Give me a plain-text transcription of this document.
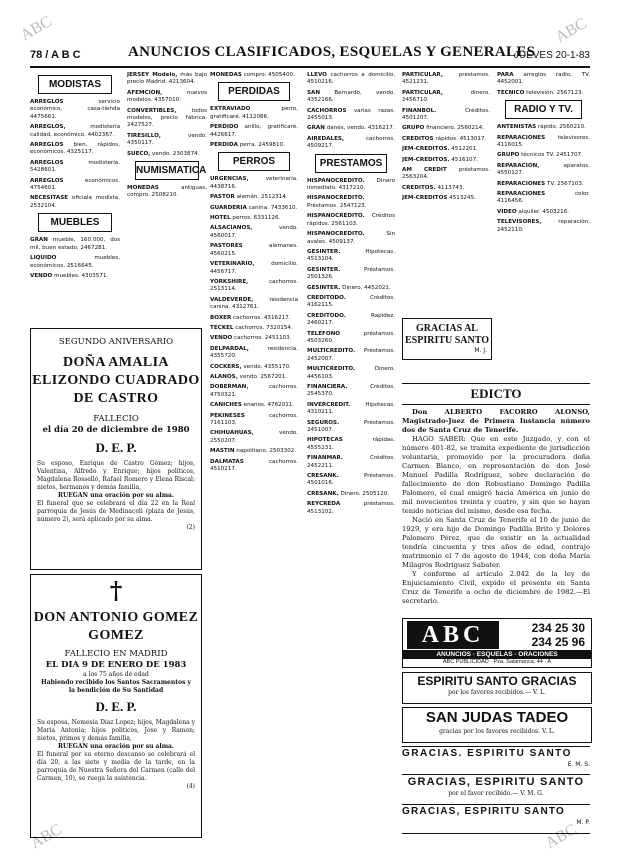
78 / A B C	ANUNCIOS CLASIFICADOS, ESQUELAS Y GENERALES
JUEVES 20-1-83
ABC	ABC
ABC	ABC
MODISTAS
ARREGLOS	servicio económico, casa-tienda 4475661.
ARREGLOS,	modistería calidad, económico. 4402367.
ARREGLOS bien, rápidos, económicos. 4325117.
ARREGLOS	modistería. 5428601.
ARREGLOS	económicos. 4754601.
NECESITASE oficiala modista. 2532104.
MUEBLES
GRAN mueble, 160.000, dos mil, buen estado. 2467281.
LIQUIDO	muebles, económicos. 2516645.
VENDO muebles. 4303571.
JERSEY Modelo, más bajo precio Madrid. 4213604.
AFEMCION,	nuevos modelos. 4357010.
CONVERTIBLES,	todos modelos, precio fábrica. 2427527.
TIRESILLO,	vendo. 4350117.
SUECO, vendo. 2303874.
NUMISMATICA
MONEDAS	antiguas, compro. 2508210.
SEGUNDO ANIVERSARIO
DOÑA AMALIA ELIZONDO CUADRADO DE CASTRO
FALLECIO
el día 20 de diciembre de 1980
D. E. P.
Su esposo, Enrique de Castro Gómez; hijos, Valentina, Alfredo y Enrique; hijos políticos, Magdalena Rosselló, Rafael Romero y Elena Riscal; nietos, hermanos y demás familia,
RUEGAN una oración por su alma.
El funeral que se celebrará el día 22 en la Real parroquia de Jesús de Medinaceli (plaza de Jesús, número 2), será aplicado por su alma.
(2)
†
DON ANTONIO GOMEZ GOMEZ
FALLECIO EN MADRID
EL DIA 9 DE ENERO DE 1983
a los 75 años de edad
Habiendo recibido los Santos Sacramentos y la bendición de Su Santidad
D. E. P.
Su esposa, Nemesia Diaz Lopez; hijos, Magdalena y Maria Antonia; hijos politicos, Jose y Ramon; nietos, primos y demás familia,
RUEGAN una oración por su alma.
El funeral por su eterno descanso se celebrará el día 20, a las siete y media de la tarde, en la parroquia de Nuestra Señora del Carmen (calle del Carmen, 10), se ruega la asistencia.
(4)
MONEDAS compro. 4505400.
PERDIDAS
EXTRAVIADO	perro, gratificaré. 4112086.
PERDIDO anillo, gratificaré. 4426617.
PERDIDA perra. 2459810.
PERROS
URGENCIAS,	veterinaria. 4438716.
PASTOR alemán. 2512314.
GUARDERIA canina. 7433610.
HOTEL perros. 6331126.
ALSACIANOS,	vendo. 4560017.
PASTORES	alemanes. 4560215.
VETERINARIO,	domicilio. 4456717.
YORKSHIRE,	cachorros. 2513114.
VALDEVERDE,	residencia canina. 4312761.
BOXER cachorros. 4316217.
TECKEL cachorros. 7320154.
VENDO cachorros. 2451103.
DELPARDAL,	residencia. 4355720.
COCKERS, vendo. 4355170.
ALANOS, vendo. 2567201.
DOBERMAN,	cachorros. 4750321.
CANICHES enanos. 4762011.
PEKINESES	cachorros. 7161103.
CHIHUAHUAS,	vendo. 2550207.
MASTIN napolitano. 2503302.
DALMATAS	cachorros. 4510217.
LLEVO cachorros a domicilio. 4510216.
SAN	Bernardo, vendo. 4352166.
CACHORROS varias razas. 2455013.
GRAN danés, vendo. 4316217.
AIREDALES,	cachorros. 4509217.
PRESTAMOS
HISPANOCREDITO. Dinero inmediato. 4317210.
HISPANOCREDITO. Préstamos. 2547123.
HISPANOCREDITO. Créditos rápidos. 2561103.
HISPANOCREDITO.	Sin avales. 4509137.
GESINTER.	Hipotecas. 4513104.
GESINTER.	Préstamos. 2501326.
GESINTER. Dinero. 4452021.
CREDITODO.	Créditos. 4162115.
CREDITODO.	Rapidez. 2460217.
TELEFONO	préstamos. 4503260.
MULTICREDITO. Préstamos. 2452007.
MULTICREDITO.	Dinero. 4456103.
FINANCIERA.	Créditos. 2545370.
INVERCREDIT.	Hipotecas. 4310211.
SEGUROS.	Préstamos. 2451007.
HIPOTECAS	rápidas. 4555231.
FINANMAR.	Créditos. 2452211.
CRESANK.	Préstamos. 4501016.
CRESANK. Dinero. 2505120.
REYCREDA	préstamos. 4513102.
PARTICULAR,	préstamos. 4521231.
PARTICULAR,	dinero. 2456710.
FINANBOL.	Créditos. 4501207.
GRUPO financiero. 2560214.
CREDITOS rápidos. 4513017.
JEM-CREDITOS. 4512201.
JEM-CREDITOS. 4516107.
AM CREDIT préstamos. 2563204.
CREDITOS. 4113743.
JEM-CREDITOS 4513245.
GRACIAS AL ESPIRITU SANTO
M. J.
PARA arreglos radio, TV. 4452001.
TECNICO televisión. 2567123.
RADIO Y TV.
ANTENISTAS rápido. 2560210.
REPARACIONES televisores. 4116015.
GRUPO técnicos TV. 2451707.
REPARACION,	aparatos. 4550127.
REPARACIONES TV. 2567103.
REPARACIONES	color. 4116456.
VIDEO alquiler. 4503216.
TELEVISORES,	reparación. 2452110.
EDICTO
Don ALBERTO FACORRO ALONSO, Magistrado-Juez de Primera Instancia número dos de Santa Cruz de Tenerife.
HAGO SABER: Que en este Juzgado, y con el número 401-82, se tramita expediente de jurisdicción voluntaria, promovido por la procuradora doña Carmen Blanco, en representación de don José Manuel Padilla Rodríguez, sobre declaración de fallecimiento de don Robustiano Domingo Padilla Palomero, el cual emigró hacia América en junio de mil novecientos treinta y cuatro, y sin que se hayan tenido noticias del mismo, desde esa fecha.
Nació en Santa Cruz de Tenerife el 10 de junio de 1929, y era hijo de Domingo Padilla Brito y Dolores Palomero Pérez, que de existir en la actualidad tendría cincuenta y tres años de edad, contrajo matrimonio el 7 de agosto de 1944, con doña María Milagros Rodríguez Sabater.
Y conforme al artículo 2.042 de la ley de Enjuiciamiento Civil, expido el presente en Santa Cruz de Tenerife a ocho de diciembre de 1982.—El secretario.
ABC	234 25 30
234 25 96
ANUNCIOS · ESQUELAS · ORACIONES
ABC PUBLICIDAD · Pza. Salamanca, 44 · A
ESPIRITU SANTO GRACIAS
por los favores recibidos.— V. L.
SAN JUDAS TADEO
gracias por los favores recibidos. V. L.
GRACIAS. ESPIRITU SANTO
E. M. S.
GRACIAS, ESPIRITU SANTO
por el favor recibido.— V. M. G.
GRACIAS, ESPIRITU SANTO
M. P.
